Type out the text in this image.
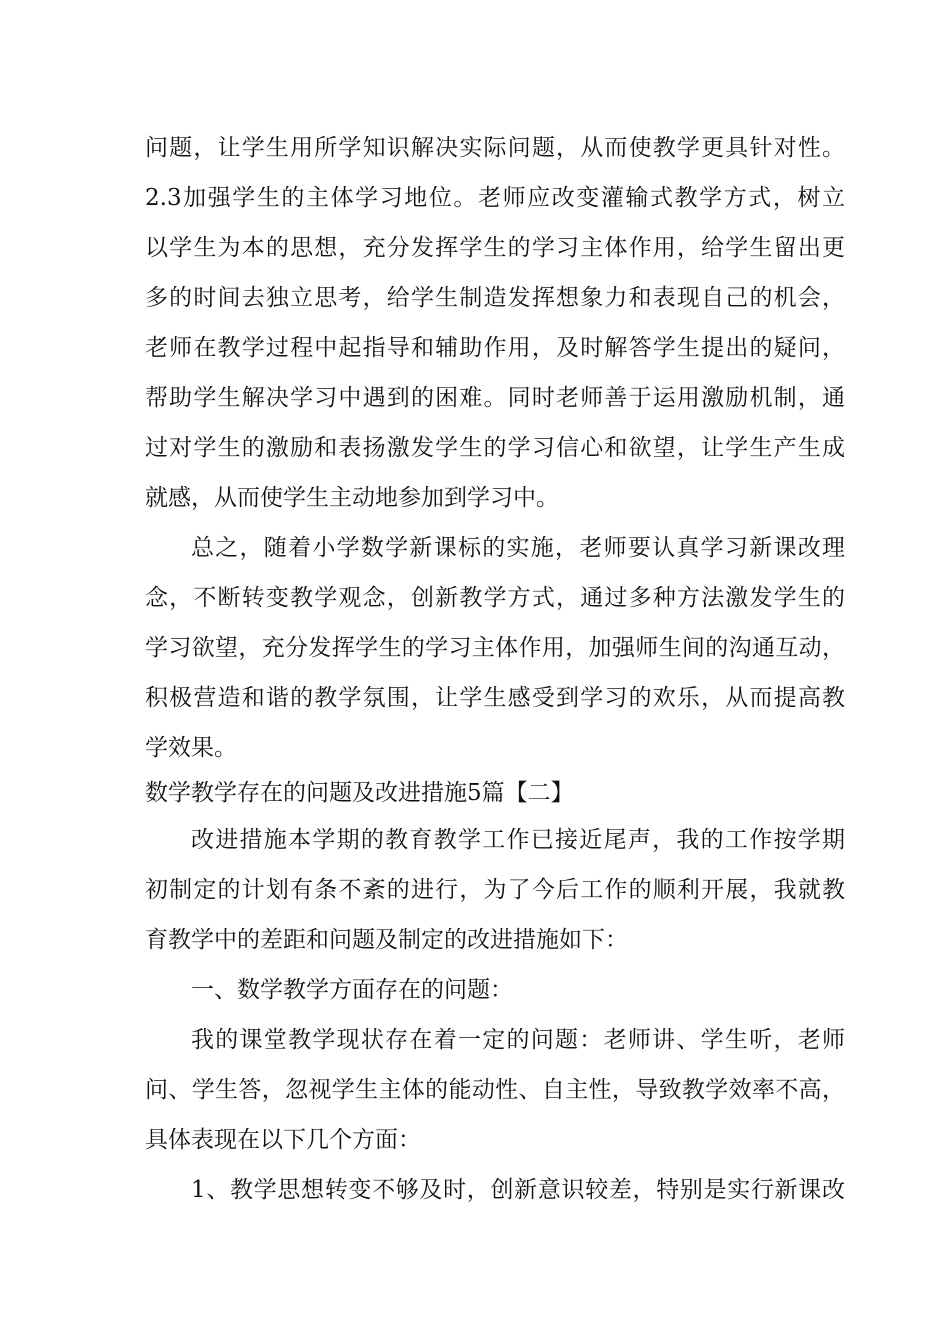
问题，让学生用所学知识解决实际问题，从而使教学更具针对性。
2.3加强学生的主体学习地位。老师应改变灌输式教学方式，树立
以学生为本的思想，充分发挥学生的学习主体作用，给学生留出更
多的时间去独立思考，给学生制造发挥想象力和表现自己的机会，
老师在教学过程中起指导和辅助作用，及时解答学生提出的疑问，
帮助学生解决学习中遇到的困难。同时老师善于运用激励机制，通
过对学生的激励和表扬激发学生的学习信心和欲望，让学生产生成
就感，从而使学生主动地参加到学习中。
总之，随着小学数学新课标的实施，老师要认真学习新课改理
念，不断转变教学观念，创新教学方式，通过多种方法激发学生的
学习欲望，充分发挥学生的学习主体作用，加强师生间的沟通互动，
积极营造和谐的教学氛围，让学生感受到学习的欢乐，从而提高教
学效果。
数学教学存在的问题及改进措施5篇【二】
改进措施本学期的教育教学工作已接近尾声，我的工作按学期
初制定的计划有条不紊的进行，为了今后工作的顺利开展，我就教
育教学中的差距和问题及制定的改进措施如下：
一、数学教学方面存在的问题：
我的课堂教学现状存在着一定的问题：老师讲、学生听，老师
问、学生答，忽视学生主体的能动性、自主性，导致教学效率不高，
具体表现在以下几个方面：
1、教学思想转变不够及时，创新意识较差，特别是实行新课改
